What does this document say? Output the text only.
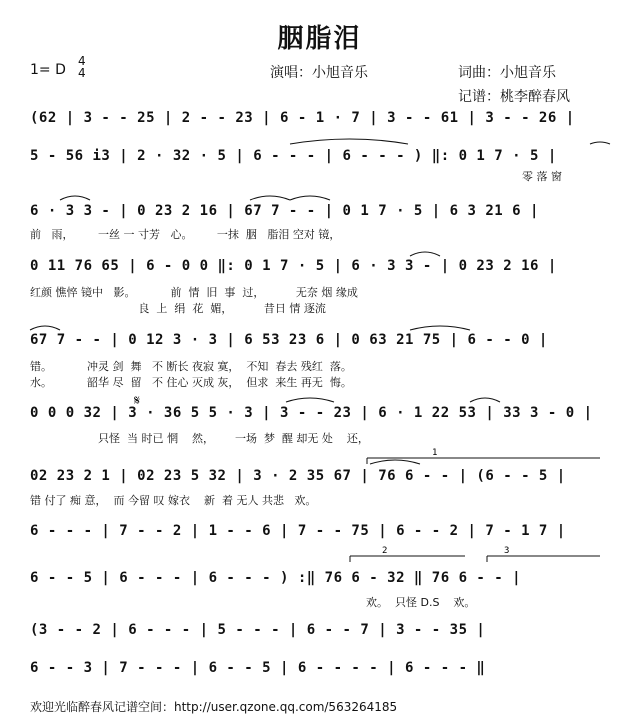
胭脂泪
1= D
4
4	演唱：小旭音乐	词曲：小旭音乐
记谱：桃李醉春风
(62 | 3 - - 25 | 2 - - 23 | 6 - 1 · 7 | 3 - - 61 | 3 - - 26 |
5 - 56 i3 | 2 · 32 · 5 | 6 - - - | 6 - - - ) ‖: 0 1 7 · 5 |
零 落 窗
6 · 3 3 - | 0 23 2 16 | 67 7 - - | 0 1 7 · 5 | 6 3 21 6 |
前   雨，       一丝 一 寸芳   心。       一抹  胭   脂泪 空对 镜，
0 11 76 65 | 6 - 0 0 ‖: 0 1 7 · 5 | 6 · 3 3 - | 0 23 2 16 |
红颜 憔悴 镜中   影。          前  情  旧  事  过，         无奈 烟 缘成
良  上  绢  花  媚，         昔日 情 逐流
67 7 - - | 0 12 3 · 3 | 6 53 23 6 | 0 63 21 75 | 6 - - 0 |
错。          冲灵 剑  舞   不 断长 夜寂 寞，  不知  春去 残红  落。
水。          韶华 尽  留   不 住心 灭成 灰，  但求  来生 再无  悔。
0 0 0 32 | 3 · 36 5 5 · 3 | 3 - - 23 | 6 · 1 22 53 | 33 3 - 0 |
只怪  当 时已 惘    然，      一场  梦  醒 却无 处    还，
𝄋
02 23 2 1 | 02 23 5 32 | 3 · 2 35 67 | 76 6 - - | (6 - - 5 |
错 付了 痴 意，  而 今留 叹 嫁衣    新  着 无人 共悲   欢。
6 - - - | 7 - - 2 | 1 - - 6 | 7 - - 75 | 6 - - 2 | 7 - 1 7 |
6 - - 5 | 6 - - - | 6 - - - ) :‖ 76 6 - 32 ‖ 76 6 - - |
欢。  只怪 D.S    欢。
(3 - - 2 | 6 - - - | 5 - - - | 6 - - 7 | 3 - - 35 |
6 - - 3 | 7 - - - | 6 - - 5 | 6 - - - - | 6 - - - ‖
1
2	3
欢迎光临醉春风记谱空间：http://user.qzone.qq.com/563264185
